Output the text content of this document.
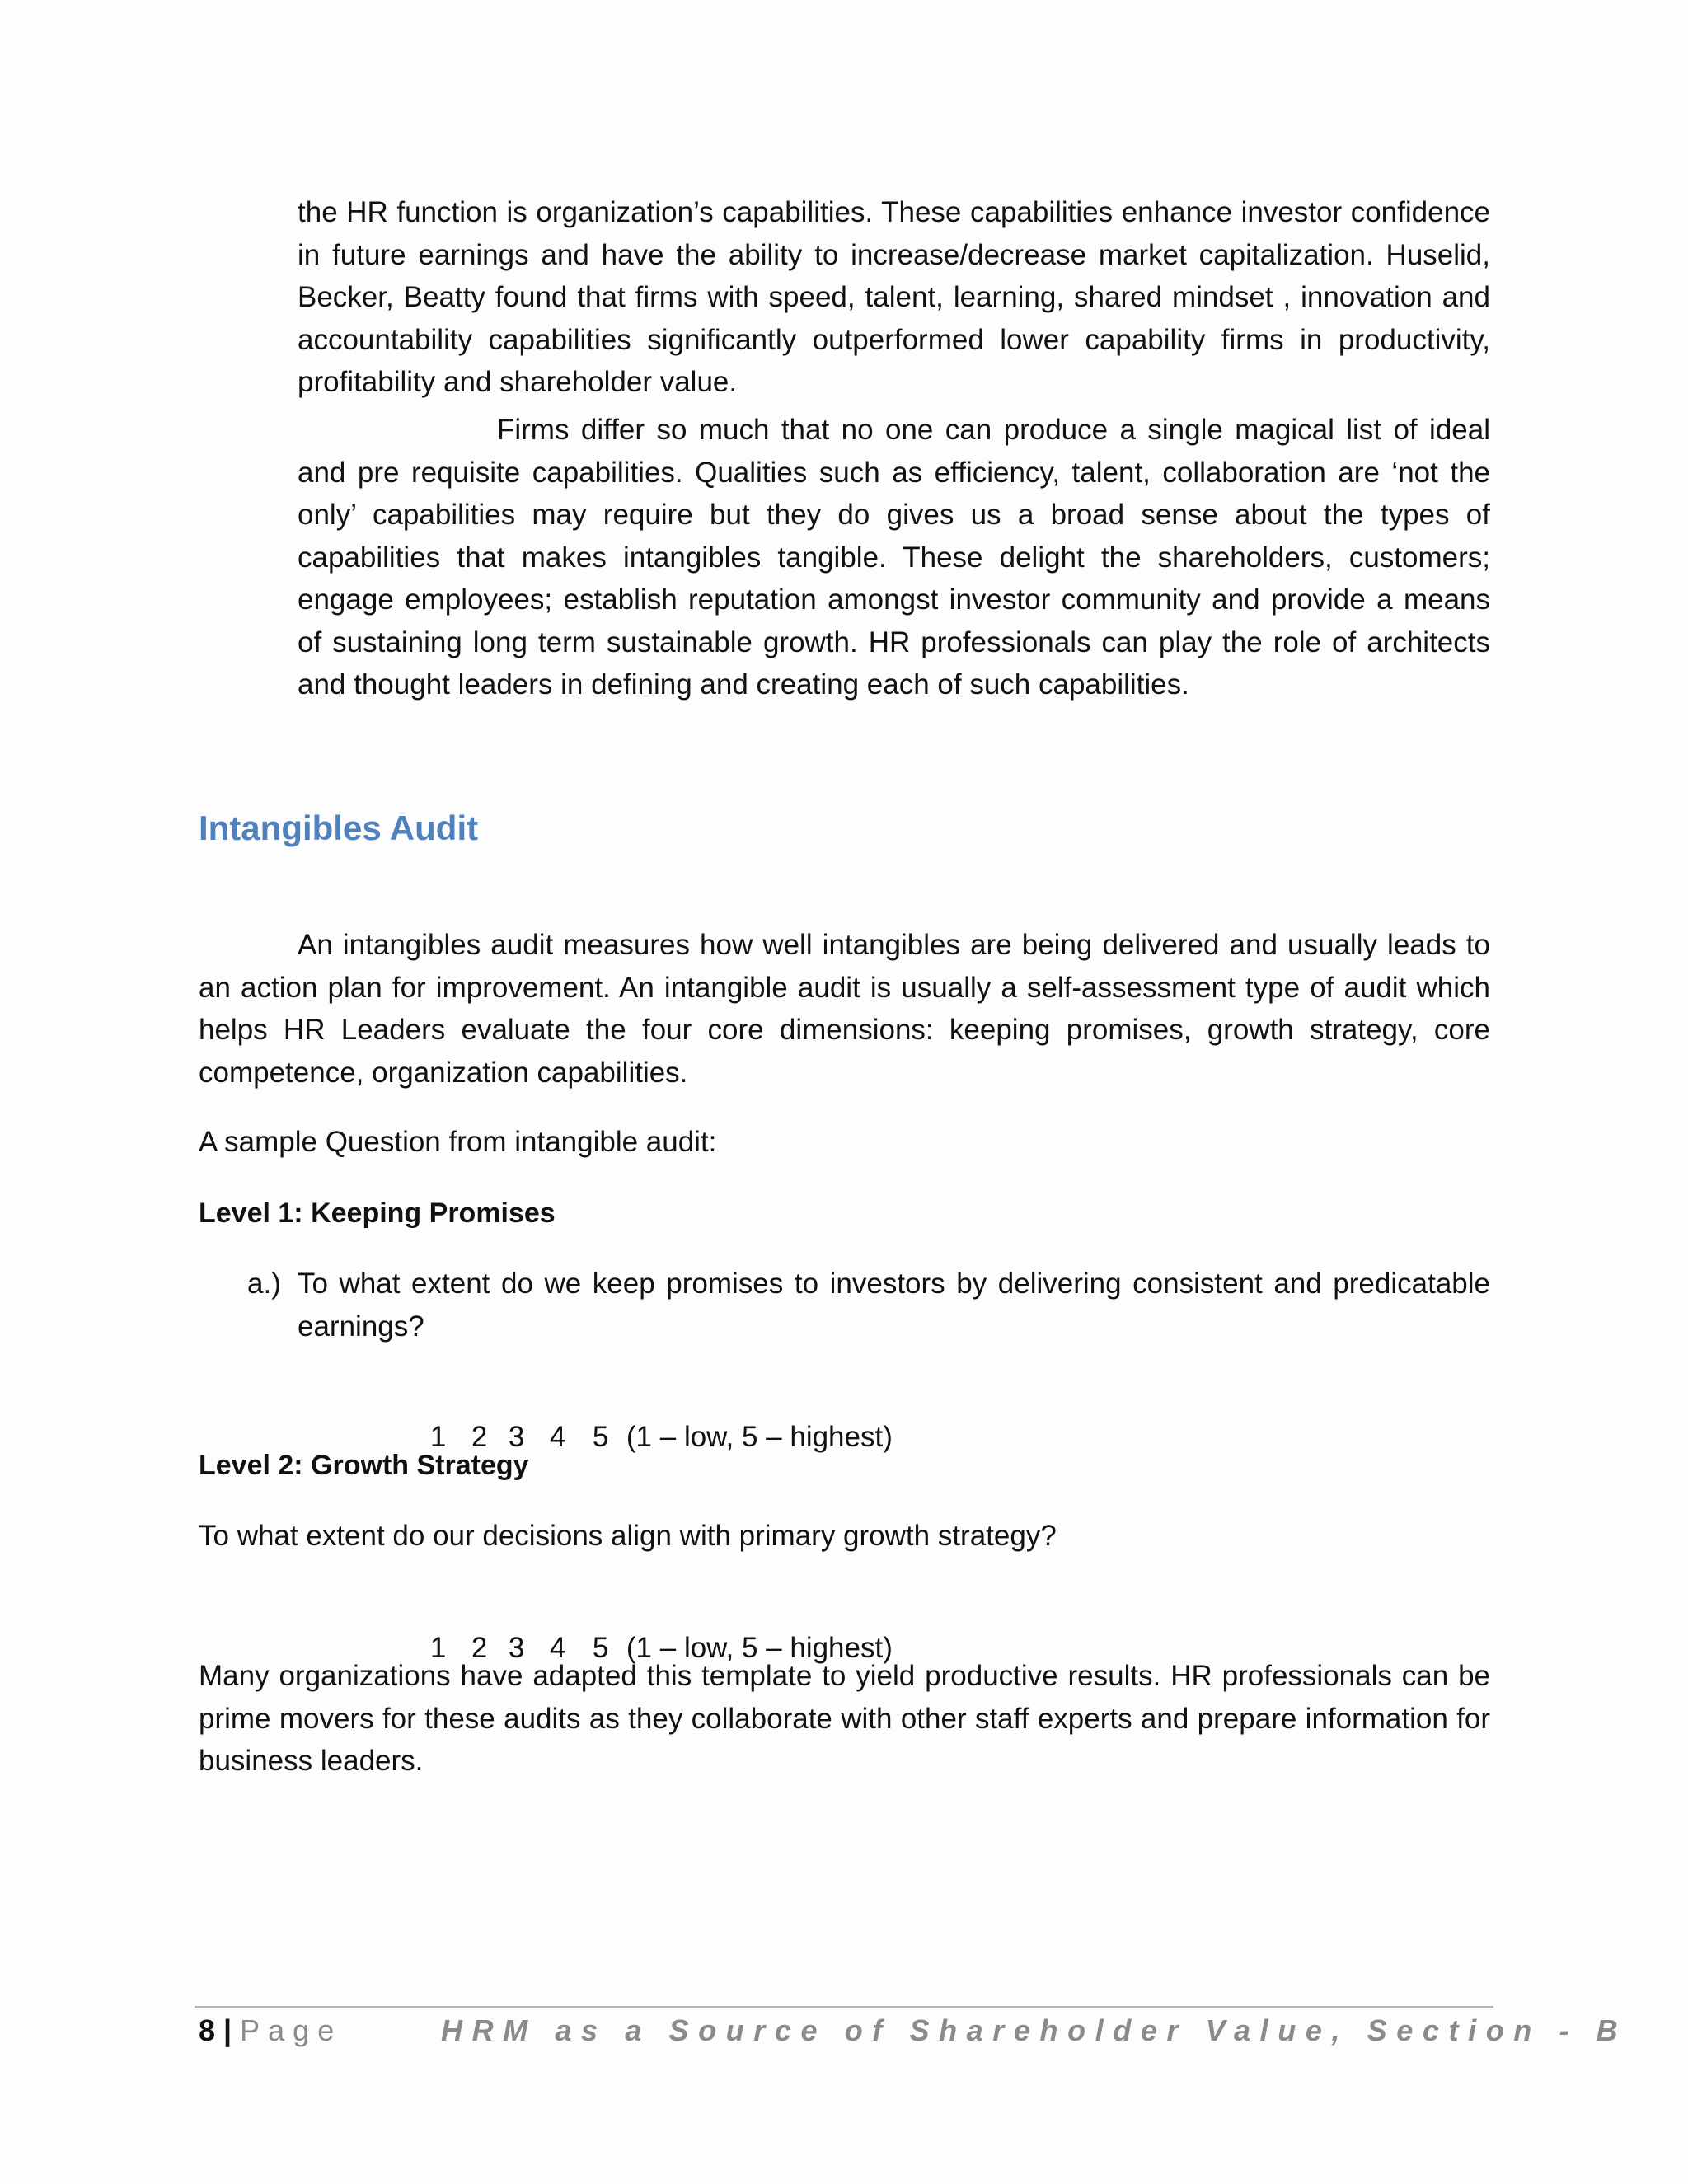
the HR function is organization’s capabilities. These capabilities enhance investor confidence in future earnings and have the ability to increase/decrease market capitalization. Huselid, Becker, Beatty found that firms with speed, talent, learning, shared mindset , innovation and accountability capabilities significantly outperformed lower capability firms in productivity, profitability and shareholder value.

Firms differ so much that no one can produce a single magical list of ideal and pre requisite capabilities. Qualities such as efficiency, talent, collaboration are ‘not the only’ capabilities may require but they do gives us a broad sense about the types of capabilities that makes intangibles tangible. These delight the shareholders, customers; engage employees; establish reputation amongst investor community and provide a means of sustaining long term sustainable growth. HR professionals can play the role of architects and thought leaders in defining and creating each of such capabilities.

Intangibles Audit

An intangibles audit measures how well intangibles are being delivered and usually leads to an action plan for improvement. An intangible audit is usually a self-assessment type of audit which helps HR Leaders evaluate the four core dimensions: keeping promises, growth strategy, core competence, organization capabilities.

A sample Question from intangible audit:

Level 1: Keeping Promises

a.) To what extent do we keep promises to investors by delivering consistent and predicatable earnings?

1 2 3 4 5 (1 – low, 5 – highest)

Level 2: Growth Strategy

To what extent do our decisions align with primary growth strategy?

1 2 3 4 5 (1 – low, 5 – highest)

Many organizations have adapted this template to yield productive results. HR professionals can be prime movers for these audits as they collaborate with other staff experts and prepare information for business leaders.

8 | Page	HRM as a Source of Shareholder Value, Section - B
